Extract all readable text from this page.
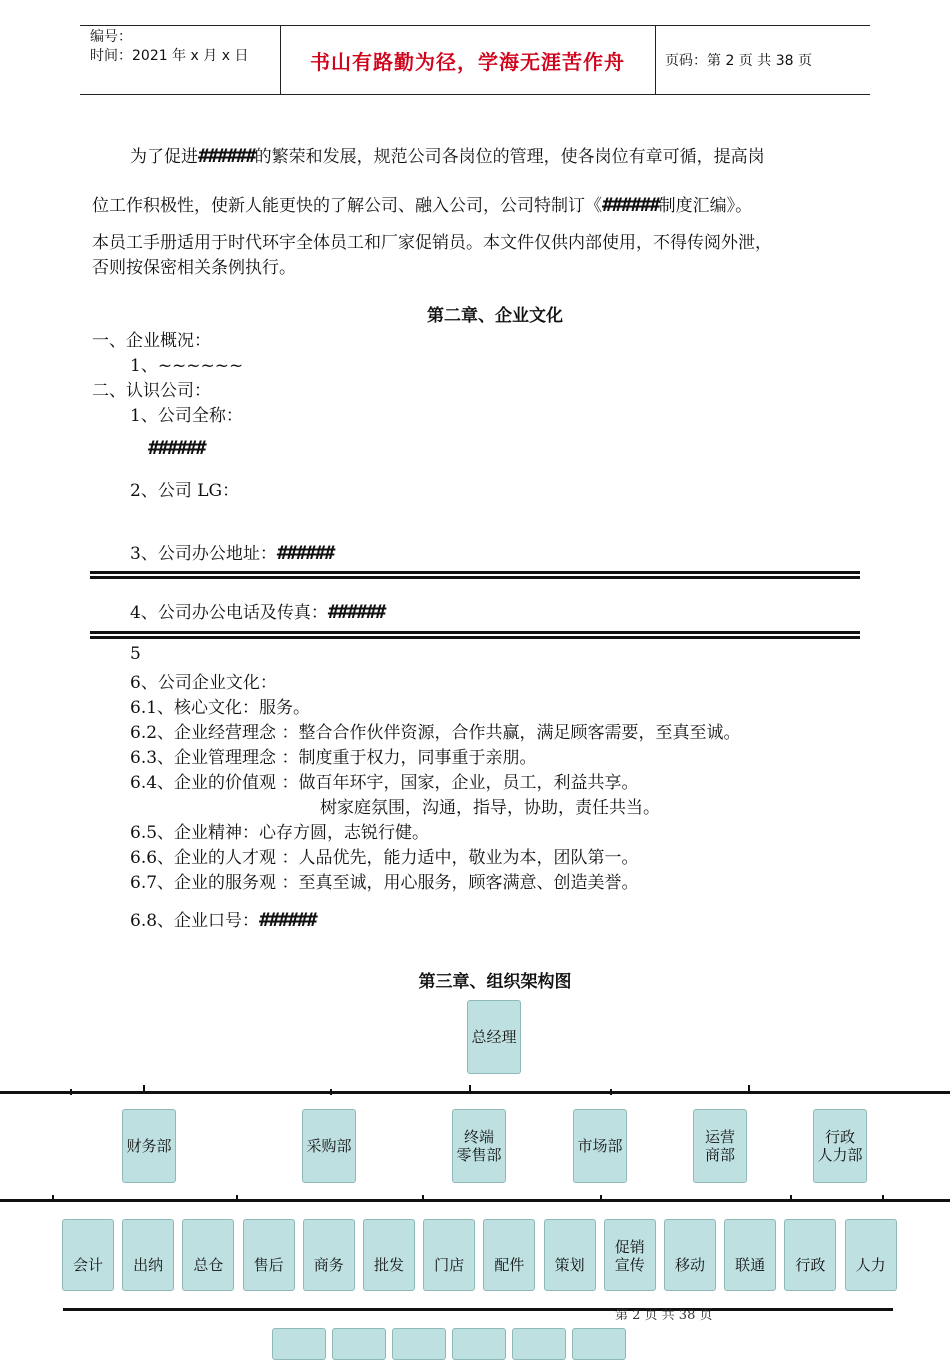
编号：
时间：2021 年 x 月 x 日	书山有路勤为径，学海无涯苦作舟	页码：第 2 页 共 38 页
为了促进######的繁荣和发展，规范公司各岗位的管理，使各岗位有章可循，提高岗
位工作积极性，使新人能更快的了解公司、融入公司，公司特制订《######制度汇编》。
本员工手册适用于时代环宇全体员工和厂家促销员。本文件仅供内部使用，不得传阅外泄，
否则按保密相关条例执行。
第二章、企业文化
一、企业概况：
1、~~~~~~
二、认识公司：
1、公司全称：
######
2、公司 LG：
3、公司办公地址：######
4、公司办公电话及传真：######
5
6、公司企业文化：
6.1、核心文化：服务。
6.2、企业经营理念 ：整合合作伙伴资源，合作共赢，满足顾客需要，至真至诚。
6.3、企业管理理念 ：制度重于权力，同事重于亲朋。
6.4、企业的价值观 ：做百年环宇，国家，企业，员工，利益共享。
树家庭氛围，沟通，指导，协助，责任共当。
6.5、企业精神：心存方圆，志锐行健。
6.6、企业的人才观 ：人品优先，能力适中，敬业为本，团队第一。
6.7、企业的服务观 ：至真至诚，用心服务，顾客满意、创造美誉。
6.8、企业口号：######
第三章、组织架构图
总经理
财务部	采购部	终端
零售部	市场部	运营
商部
行政
人力部
会计	出纳	总仓	售后	商务	批发	门店	配件	策划
促销
宣传	移动	联通	行政	人力
第 2 页 共 38 页
